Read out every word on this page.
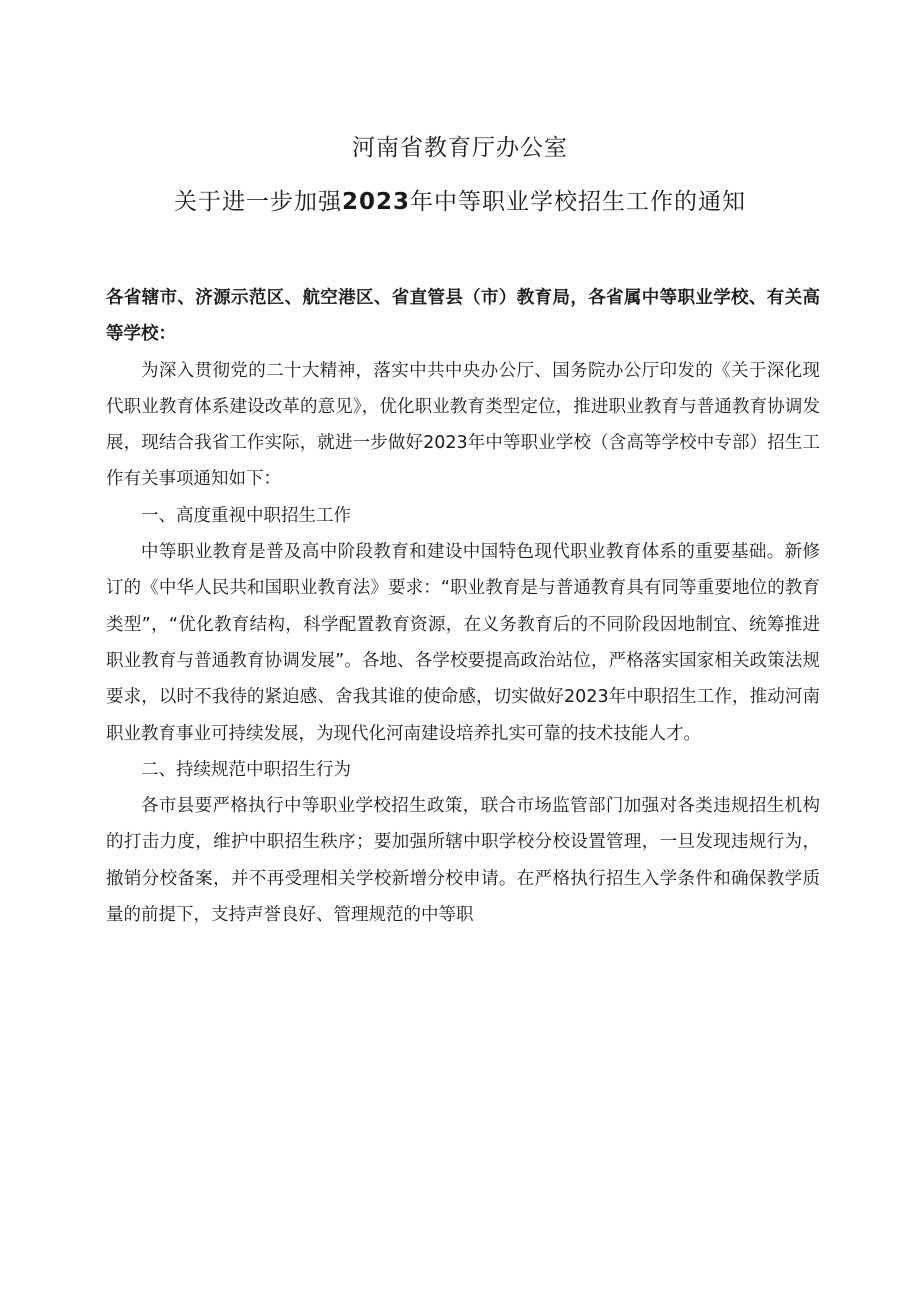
河南省教育厅办公室
关于进一步加强2023年中等职业学校招生工作的通知

各省辖市、济源示范区、航空港区、省直管县（市）教育局，各省属中等职业学校、有关高等学校：

为深入贯彻党的二十大精神，落实中共中央办公厅、国务院办公厅印发的《关于深化现代职业教育体系建设改革的意见》，优化职业教育类型定位，推进职业教育与普通教育协调发展，现结合我省工作实际，就进一步做好2023年中等职业学校（含高等学校中专部）招生工作有关事项通知如下：

一、高度重视中职招生工作

中等职业教育是普及高中阶段教育和建设中国特色现代职业教育体系的重要基础。新修订的《中华人民共和国职业教育法》要求：“职业教育是与普通教育具有同等重要地位的教育类型”，“优化教育结构，科学配置教育资源，在义务教育后的不同阶段因地制宜、统筹推进职业教育与普通教育协调发展”。各地、各学校要提高政治站位，严格落实国家相关政策法规要求，以时不我待的紧迫感、舍我其谁的使命感，切实做好2023年中职招生工作，推动河南职业教育事业可持续发展，为现代化河南建设培养扎实可靠的技术技能人才。

二、持续规范中职招生行为

各市县要严格执行中等职业学校招生政策，联合市场监管部门加强对各类违规招生机构的打击力度，维护中职招生秩序；要加强所辖中职学校分校设置管理，一旦发现违规行为，撤销分校备案，并不再受理相关学校新增分校申请。在严格执行招生入学条件和确保教学质量的前提下，支持声誉良好、管理规范的中等职
